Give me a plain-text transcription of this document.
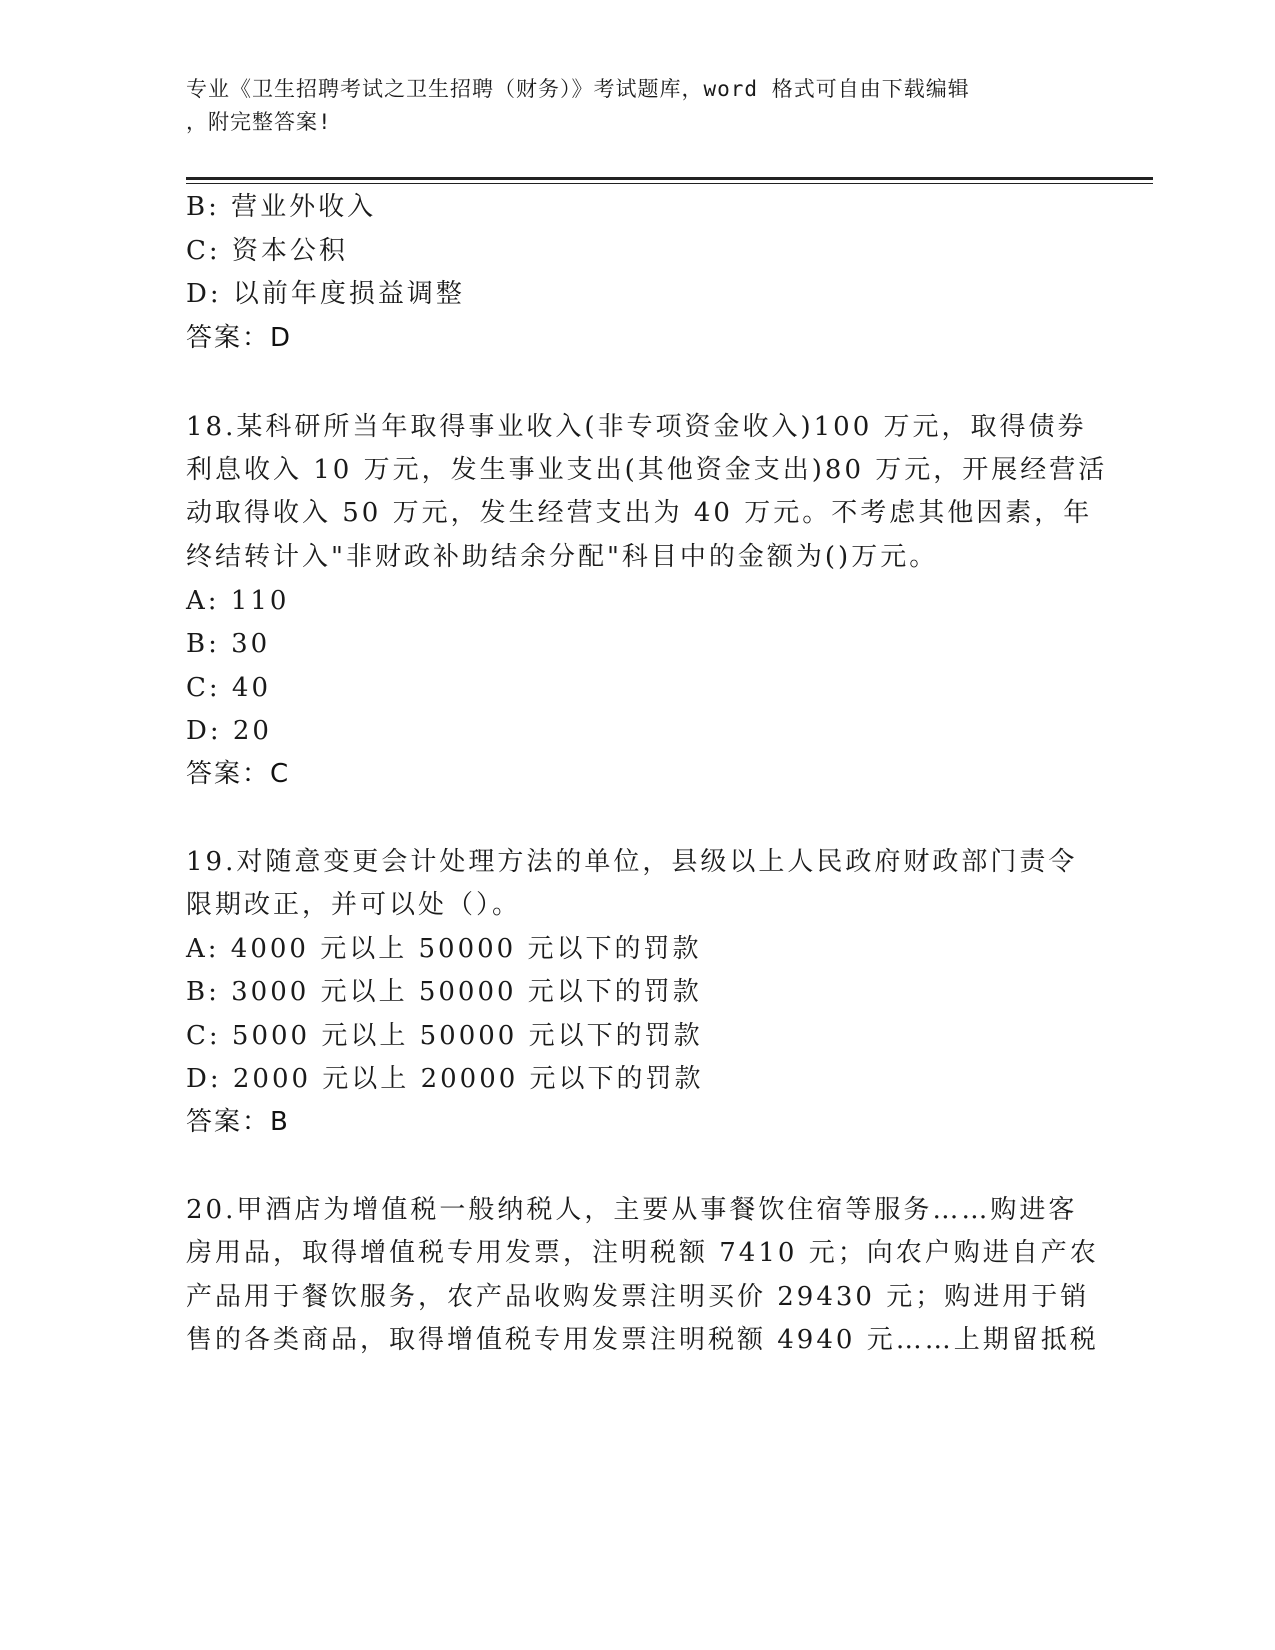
专业《卫生招聘考试之卫生招聘（财务）》考试题库，word 格式可自由下载编辑
，附完整答案!
B: 营业外收入
C: 资本公积
D: 以前年度损益调整
答案：D
18.某科研所当年取得事业收入(非专项资金收入)100 万元，取得债券
利息收入 10 万元，发生事业支出(其他资金支出)80 万元，开展经营活
动取得收入 50 万元，发生经营支出为 40 万元。不考虑其他因素，年
终结转计入"非财政补助结余分配"科目中的金额为()万元。
A: 110
B: 30
C: 40
D: 20
答案：C
19.对随意变更会计处理方法的单位，县级以上人民政府财政部门责令
限期改正，并可以处（）。
A: 4000 元以上 50000 元以下的罚款
B: 3000 元以上 50000 元以下的罚款
C: 5000 元以上 50000 元以下的罚款
D: 2000 元以上 20000 元以下的罚款
答案：B
20.甲酒店为增值税一般纳税人，主要从事餐饮住宿等服务……购进客
房用品，取得增值税专用发票，注明税额 7410 元；向农户购进自产农
产品用于餐饮服务，农产品收购发票注明买价 29430 元；购进用于销
售的各类商品，取得增值税专用发票注明税额 4940 元……上期留抵税
